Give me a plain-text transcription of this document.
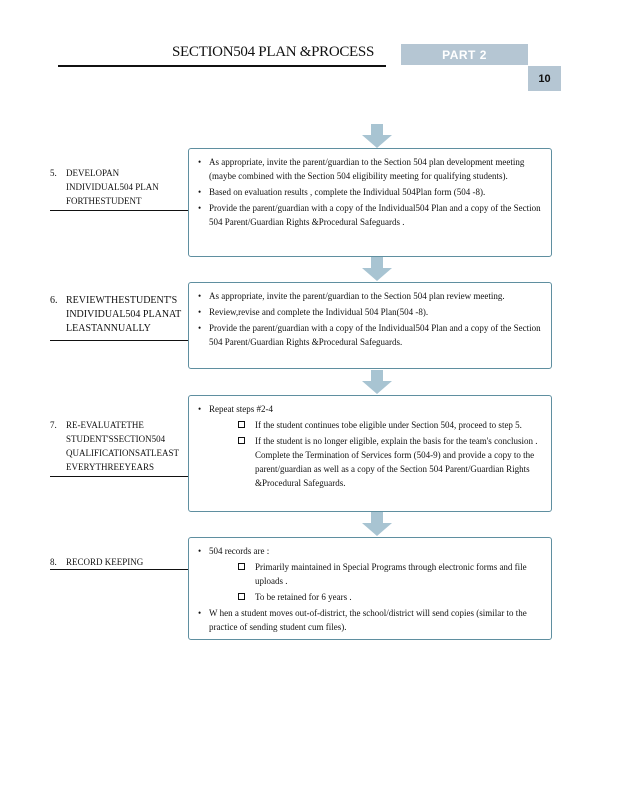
SECTION504 PLAN &PROCESS	PART 2
10
5. DEVELOPAN
INDIVIDUAL504 PLAN
FORTHESTUDENT
• As appropriate, invite the parent/guardian to the Section 504 plan development meeting (maybe combined with the Section 504 eligibility meeting for qualifying students).
• Based on evaluation results , complete the Individual 504Plan form (504 -8).
• Provide the parent/guardian with a copy of the Individual504 Plan and a copy of the Section 504 Parent/Guardian Rights &Procedural Safeguards .
6. REVIEWTHESTUDENT'S
INDIVIDUAL504 PLANAT
LEASTANNUALLY
• As appropriate, invite the parent/guardian to the Section 504 plan review meeting.
• Review,revise and complete the Individual 504 Plan(504 -8).
• Provide the parent/guardian with a copy of the Individual504 Plan and a copy of the Section 504 Parent/Guardian Rights &Procedural Safeguards.
7. RE-EVALUATETHE
STUDENT'SSECTION504
QUALIFICATIONSATLEAST
EVERYTHREEYEARS
• Repeat steps #2-4
If the student continues tobe eligible under Section 504, proceed to step 5.
If the student is no longer eligible, explain the basis for the team's conclusion . Complete the Termination of Services form (504-9) and provide a copy to the parent/guardian as well as a copy of the Section 504 Parent/Guardian Rights &Procedural Safeguards.
8. RECORD KEEPING
• 504 records are :
Primarily maintained in Special Programs through electronic forms and file uploads .
To be retained for 6 years .
• W hen a student moves out-of-district, the school/district will send copies (similar to the practice of sending student cum files).
